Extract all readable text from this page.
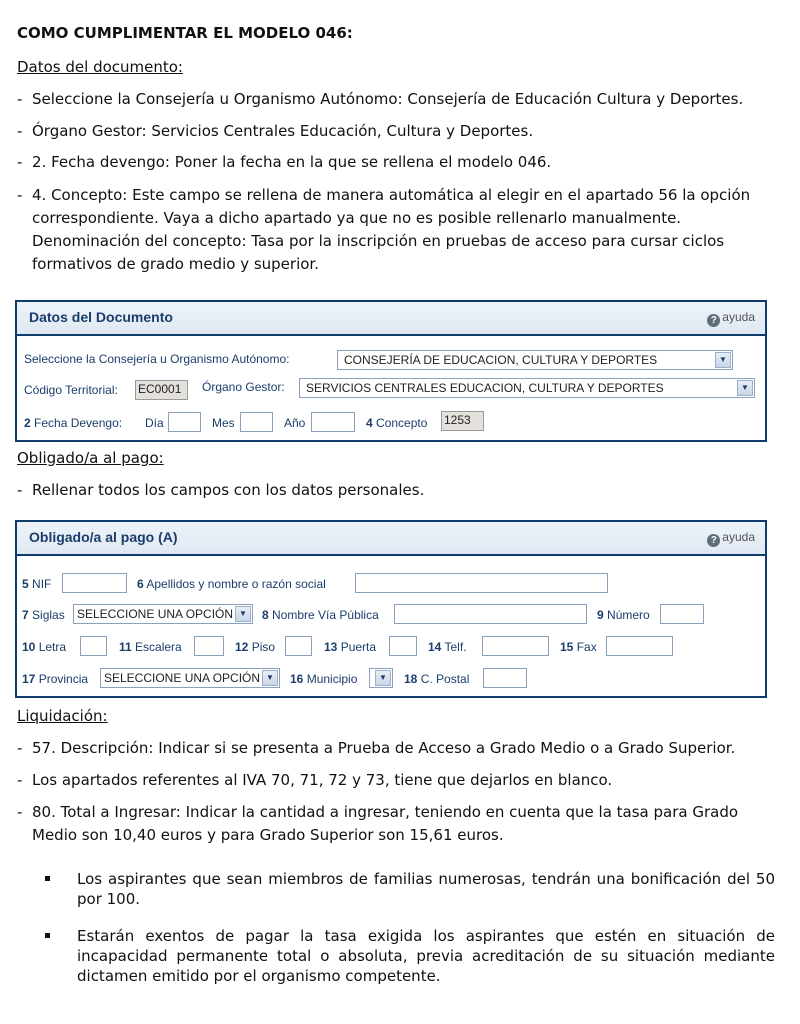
COMO CUMPLIMENTAR EL MODELO 046:

Datos del documento:

- Seleccione la Consejería u Organismo Autónomo: Consejería de Educación Cultura y Deportes.
- Órgano Gestor: Servicios Centrales Educación, Cultura y Deportes.
- 2. Fecha devengo: Poner la fecha en la que se rellena el modelo 046.
- 4. Concepto: Este campo se rellena de manera automática al elegir en el apartado 56 la opción correspondiente. Vaya a dicho apartado ya que no es posible rellenarlo manualmente. Denominación del concepto: Tasa por la inscripción en pruebas de acceso para cursar ciclos formativos de grado medio y superior.
Datos del Documento	? ayuda
Seleccione la Consejería u Organismo Autónomo:	CONSEJERÍA DE EDUCACION, CULTURA Y DEPORTES	▼
Código Territorial: EC0001	Órgano Gestor:	SERVICIOS CENTRALES EDUCACION, CULTURA Y DEPORTES	▼
2 Fecha Devengo: Día	Mes	Año	4 Concepto 1253

Obligado/a al pago:

- Rellenar todos los campos con los datos personales.
Obligado/a al pago (A)	? ayuda
5 NIF	6 Apellidos y nombre o razón social
7 Siglas	SELECCIONE UNA OPCIÓN ▼	8 Nombre Vía Pública	9 Número
10 Letra	11 Escalera	12 Piso	13 Puerta	14 Telf.	15 Fax
17 Provincia	SELECCIONE UNA OPCIÓN ▼	16 Municipio	▼	18 C. Postal

Liquidación:

- 57. Descripción: Indicar si se presenta a Prueba de Acceso a Grado Medio o a Grado Superior.
- Los apartados referentes al IVA 70, 71, 72 y 73, tiene que dejarlos en blanco.
- 80. Total a Ingresar: Indicar la cantidad a ingresar, teniendo en cuenta que la tasa para Grado Medio son 10,40 euros y para Grado Superior son 15,61 euros.
Los aspirantes que sean miembros de familias numerosas, tendrán una bonificación del 50 por 100.
Estarán exentos de pagar la tasa exigida los aspirantes que estén en situación de incapacidad permanente total o absoluta, previa acreditación de su situación mediante dictamen emitido por el organismo competente.
